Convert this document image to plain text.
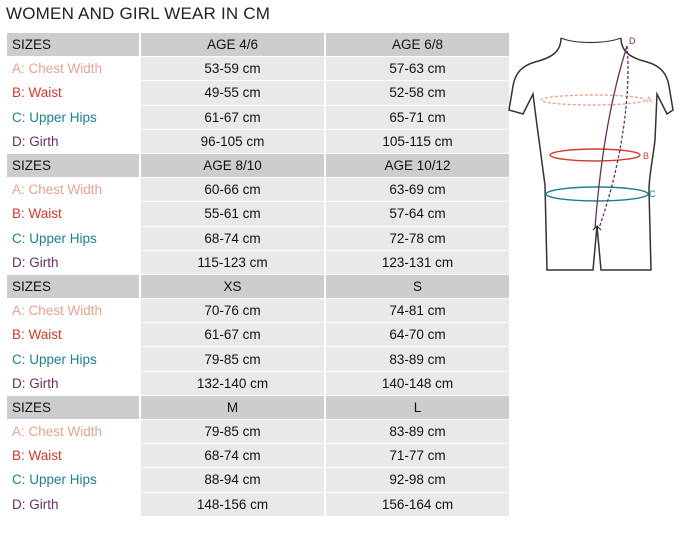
WOMEN AND GIRL WEAR IN CM
SIZES	AGE 4/6	AGE 6/8
A: Chest Width	53-59 cm	57-63 cm
B: Waist	49-55 cm	52-58 cm
C: Upper Hips	61-67 cm	65-71 cm
D: Girth	96-105 cm	105-115 cm
SIZES	AGE 8/10	AGE 10/12
A: Chest Width	60-66 cm	63-69 cm
B: Waist	55-61 cm	57-64 cm
C: Upper Hips	68-74 cm	72-78 cm
D: Girth	115-123 cm	123-131 cm
SIZES	XS	S
A: Chest Width	70-76 cm	74-81 cm
B: Waist	61-67 cm	64-70 cm
C: Upper Hips	79-85 cm	83-89 cm
D: Girth	132-140 cm	140-148 cm
SIZES	M	L
A: Chest Width	79-85 cm	83-89 cm
B: Waist	68-74 cm	71-77 cm
C: Upper Hips	88-94 cm	92-98 cm
D: Girth	148-156 cm	156-164 cm
A
B
C
D
